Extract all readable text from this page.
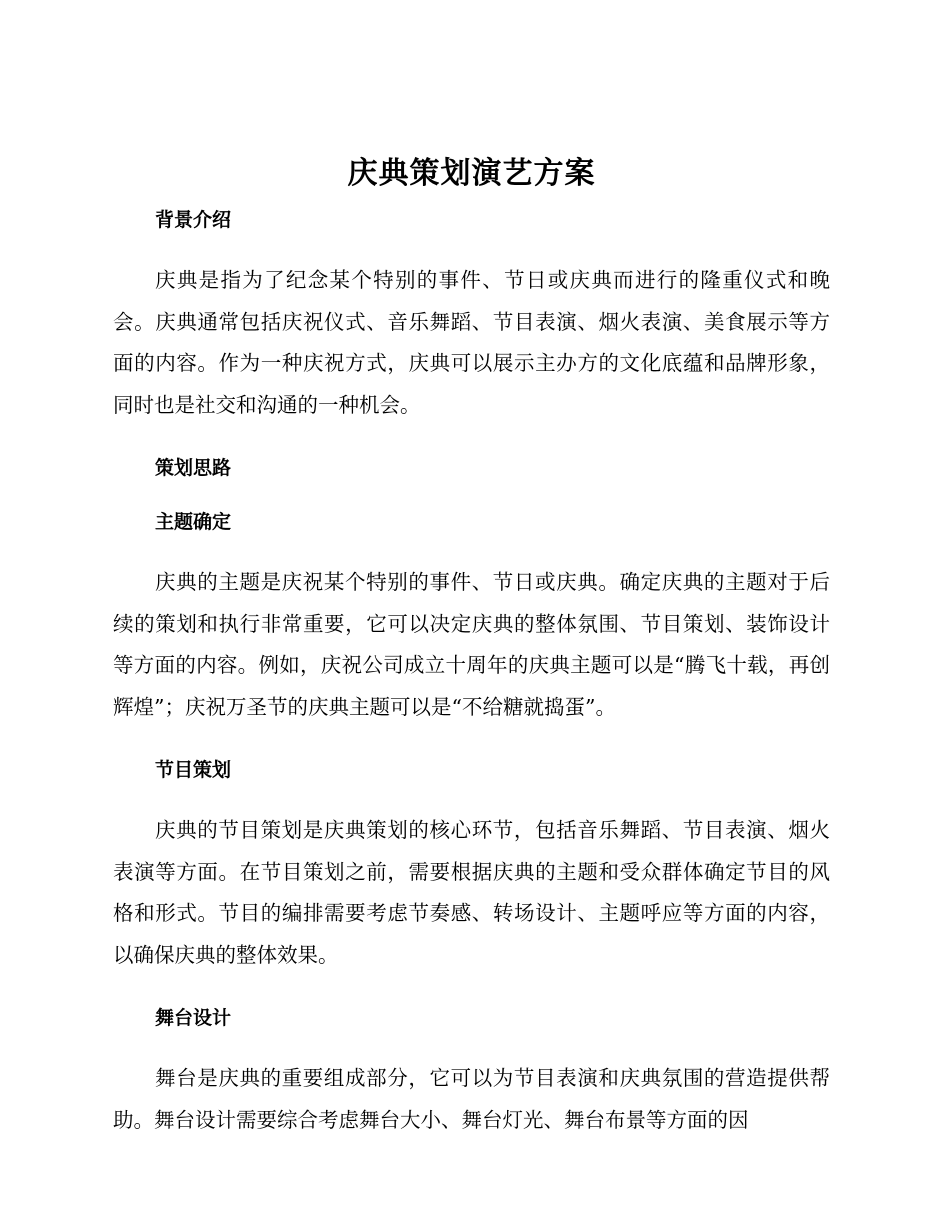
庆典策划演艺方案
背景介绍

庆典是指为了纪念某个特别的事件、节日或庆典而进行的隆重仪式和晚会。庆典通常包括庆祝仪式、音乐舞蹈、节目表演、烟火表演、美食展示等方面的内容。作为一种庆祝方式，庆典可以展示主办方的文化底蕴和品牌形象，同时也是社交和沟通的一种机会。

策划思路
主题确定

庆典的主题是庆祝某个特别的事件、节日或庆典。确定庆典的主题对于后续的策划和执行非常重要，它可以决定庆典的整体氛围、节目策划、装饰设计等方面的内容。例如，庆祝公司成立十周年的庆典主题可以是“腾飞十载，再创辉煌”；庆祝万圣节的庆典主题可以是“不给糖就捣蛋”。

节目策划

庆典的节目策划是庆典策划的核心环节，包括音乐舞蹈、节目表演、烟火表演等方面。在节目策划之前，需要根据庆典的主题和受众群体确定节目的风格和形式。节目的编排需要考虑节奏感、转场设计、主题呼应等方面的内容，以确保庆典的整体效果。

舞台设计

舞台是庆典的重要组成部分，它可以为节目表演和庆典氛围的营造提供帮助。舞台设计需要综合考虑舞台大小、舞台灯光、舞台布景等方面的因
